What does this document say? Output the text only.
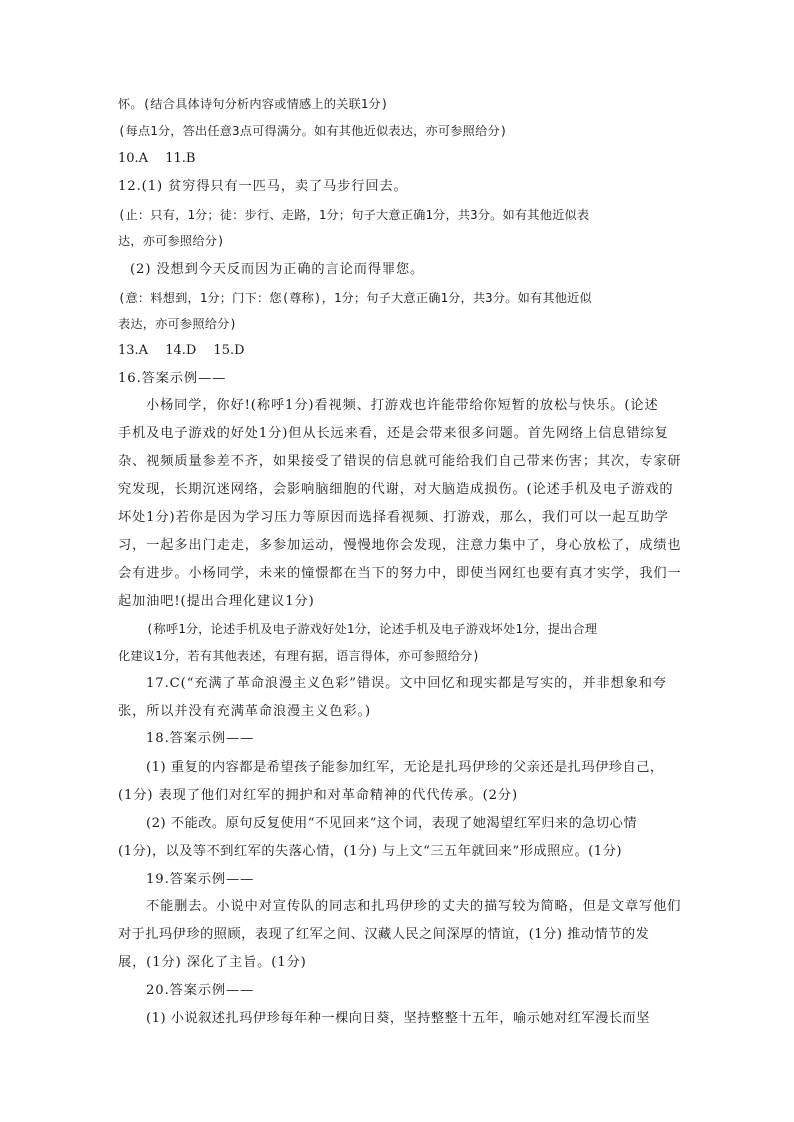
怀。(结合具体诗句分析内容或情感上的关联1分)
(每点1分，答出任意3点可得满分。如有其他近似表达，亦可参照给分)
10.A　 11.B
12.(1) 贫穷得只有一匹马，卖了马步行回去。
(止：只有，1分；徒：步行、走路，1分；句子大意正确1分，共3分。如有其他近似表
达，亦可参照给分)
(2) 没想到今天反而因为正确的言论而得罪您。
(意：料想到，1分；门下：您(尊称)，1分；句子大意正确1分，共3分。如有其他近似
表达，亦可参照给分)
13.A　 14.D　 15.D
16.答案示例——
小杨同学，你好!(称呼1分)看视频、打游戏也许能带给你短暂的放松与快乐。(论述
手机及电子游戏的好处1分)但从长远来看，还是会带来很多问题。首先网络上信息错综复
杂、视频质量参差不齐，如果接受了错误的信息就可能给我们自己带来伤害；其次，专家研
究发现，长期沉迷网络，会影响脑细胞的代谢，对大脑造成损伤。(论述手机及电子游戏的
坏处1分)若你是因为学习压力等原因而选择看视频、打游戏，那么，我们可以一起互助学
习，一起多出门走走，多参加运动，慢慢地你会发现，注意力集中了，身心放松了，成绩也
会有进步。小杨同学，未来的憧憬都在当下的努力中，即使当网红也要有真才实学，我们一
起加油吧!(提出合理化建议1分)
(称呼1分，论述手机及电子游戏好处1分，论述手机及电子游戏坏处1分，提出合理
化建议1分，若有其他表述，有理有据，语言得体，亦可参照给分)
17.C(“充满了革命浪漫主义色彩”错误。文中回忆和现实都是写实的，并非想象和夸
张，所以并没有充满革命浪漫主义色彩。)
18.答案示例——
(1) 重复的内容都是希望孩子能参加红军，无论是扎玛伊珍的父亲还是扎玛伊珍自己，
(1分) 表现了他们对红军的拥护和对革命精神的代代传承。(2分)
(2) 不能改。原句反复使用“不见回来”这个词，表现了她渴望红军归来的急切心情
(1分)，以及等不到红军的失落心情，(1分) 与上文“三五年就回来”形成照应。(1分)
19.答案示例——
不能删去。小说中对宣传队的同志和扎玛伊珍的丈夫的描写较为简略，但是文章写他们
对于扎玛伊珍的照顾，表现了红军之间、汉藏人民之间深厚的情谊，(1分) 推动情节的发
展，(1分) 深化了主旨。(1分)
20.答案示例——
(1) 小说叙述扎玛伊珍每年种一棵向日葵，坚持整整十五年，喻示她对红军漫长而坚
